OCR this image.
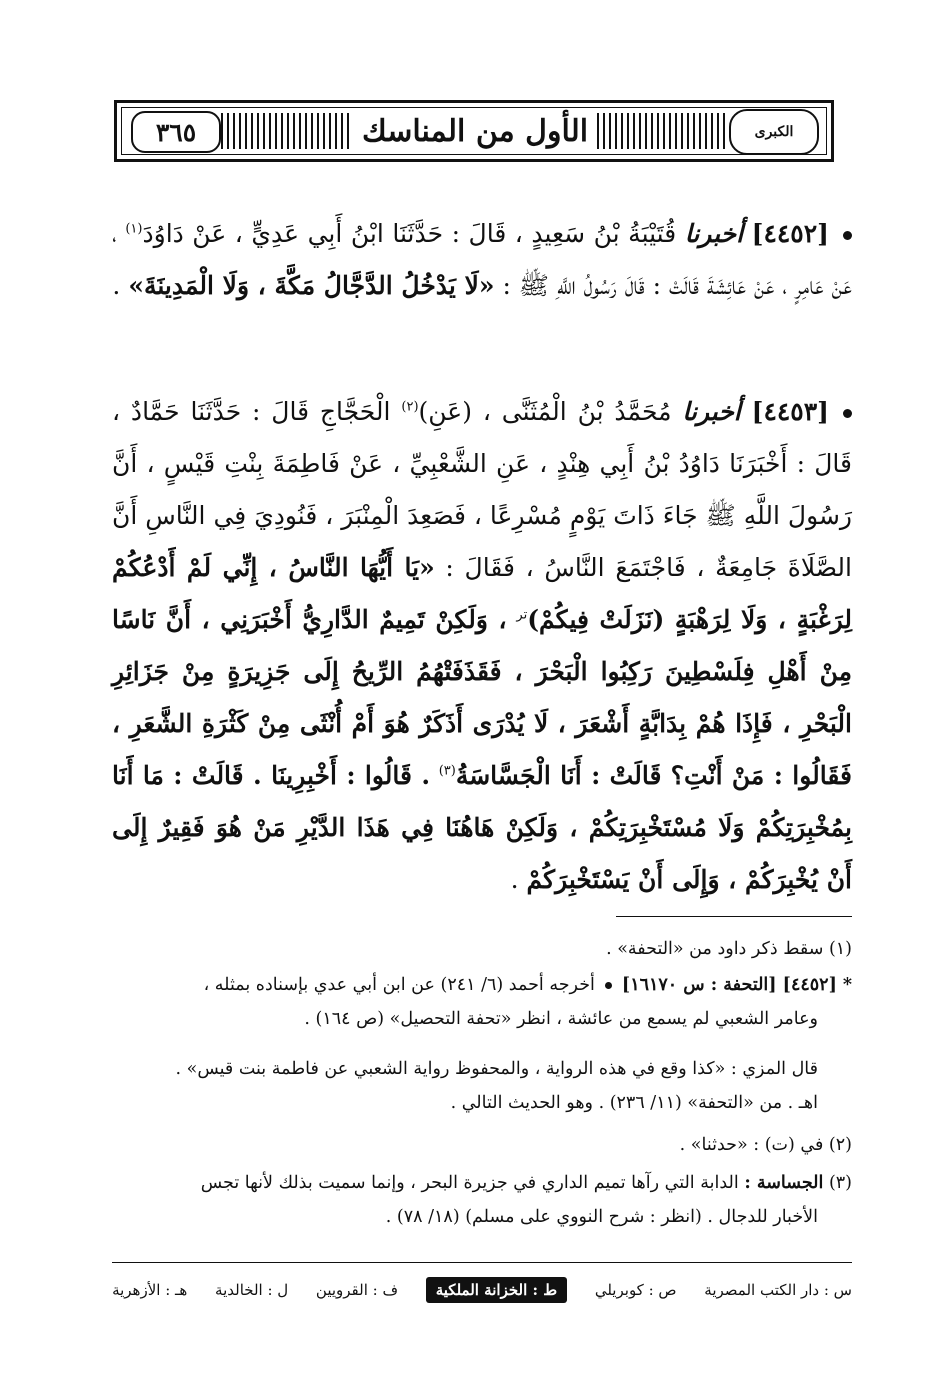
الأول من المناسك
٣٦٥	الكبرى
[٤٤٥٢] أخبرنا قُتَيْبَةُ بْنُ سَعِيدٍ ، قَالَ : حَدَّثَنَا ابْنُ أَبِي عَدِيٍّ ، عَنْ دَاوُدَ$^{(١)}$ ، عَنْ عَامِرٍ ، عَنْ عَائِشَةَ قَالَتْ : قَالَ رَسُولُ اللَّهِ ﷺ : «لَا يَدْخُلُ الدَّجَّالُ مَكَّةَ ، وَلَا الْمَدِينَةَ» .
[٤٤٥٣] أخبرنا مُحَمَّدُ بْنُ الْمُثَنَّى ، (عَنِ)$^{(٢)}$ الْحَجَّاجِ قَالَ : حَدَّثَنَا حَمَّادٌ ، قَالَ : أَخْبَرَنَا دَاوُدُ بْنُ أَبِي هِنْدٍ ، عَنِ الشَّعْبِيِّ ، عَنْ فَاطِمَةَ بِنْتِ قَيْسٍ ، أَنَّ رَسُولَ اللَّهِ ﷺ جَاءَ ذَاتَ يَوْمٍ مُسْرِعًا ، فَصَعِدَ الْمِنْبَرَ ، فَنُودِيَ فِي النَّاسِ أَنَّ الصَّلَاةَ جَامِعَةٌ ، فَاجْتَمَعَ النَّاسُ ، فَقَالَ : «يَا أَيُّهَا النَّاسُ ، إِنِّي لَمْ أَدْعُكُمْ لِرَغْبَةٍ ، وَلَا لِرَهْبَةٍ (نَزَلَتْ فِيكُمْ)$^{تر}$ ، وَلَكِنْ تَمِيمٌ الدَّارِيُّ أَخْبَرَنِي ، أَنَّ نَاسًا مِنْ أَهْلِ فِلَسْطِينَ رَكِبُوا الْبَحْرَ ، فَقَذَفَتْهُمُ الرِّيحُ إِلَى جَزِيرَةٍ مِنْ جَزَائِرِ الْبَحْرِ ، فَإِذَا هُمْ بِدَابَّةٍ أَشْعَرَ ، لَا يُدْرَى أَذَكَرٌ هُوَ أَمْ أُنْثَى مِنْ كَثْرَةِ الشَّعَرِ ، فَقَالُوا : مَنْ أَنْتِ؟ قَالَتْ : أَنَا الْجَسَّاسَةُ$^{(٣)}$ . قَالُوا : أَخْبِرِينَا . قَالَتْ : مَا أَنَا بِمُخْبِرَتِكُمْ وَلَا مُسْتَخْبِرَتِكُمْ ، وَلَكِنْ هَاهُنَا فِي هَذَا الدَّيْرِ مَنْ هُوَ فَقِيرٌ إِلَى أَنْ يُخْبِرَكُمْ ، وَإِلَى أَنْ يَسْتَخْبِرَكُمْ .

(١) سقط ذكر داود من «التحفة» .

*[٤٤٥٢] [التحفة : س ١٦١٧٠]أخرجه أحمد (٦/ ٢٤١) عن ابن أبي عدي بإسناده بمثله ،

وعامر الشعبي لم يسمع من عائشة ، انظر «تحفة التحصيل» (ص ١٦٤) .

قال المزي : «كذا وقع في هذه الرواية ، والمحفوظ رواية الشعبي عن فاطمة بنت قيس» .

اهـ . من «التحفة» (١١/ ٢٣٦) . وهو الحديث التالي .

(٢) في (ت) : «حدثنا» .

(٣) الجساسة : الدابة التي رآها تميم الداري في جزيرة البحر ، وإنما سميت بذلك لأنها تجس

الأخبار للدجال . (انظر : شرح النووي على مسلم) (١٨/ ٧٨) .

س : دار الكتب المصرية
ص : كوبريلي
ط : الخزانة الملكية
ف : القرويين
ل : الخالدية
هـ : الأزهرية
